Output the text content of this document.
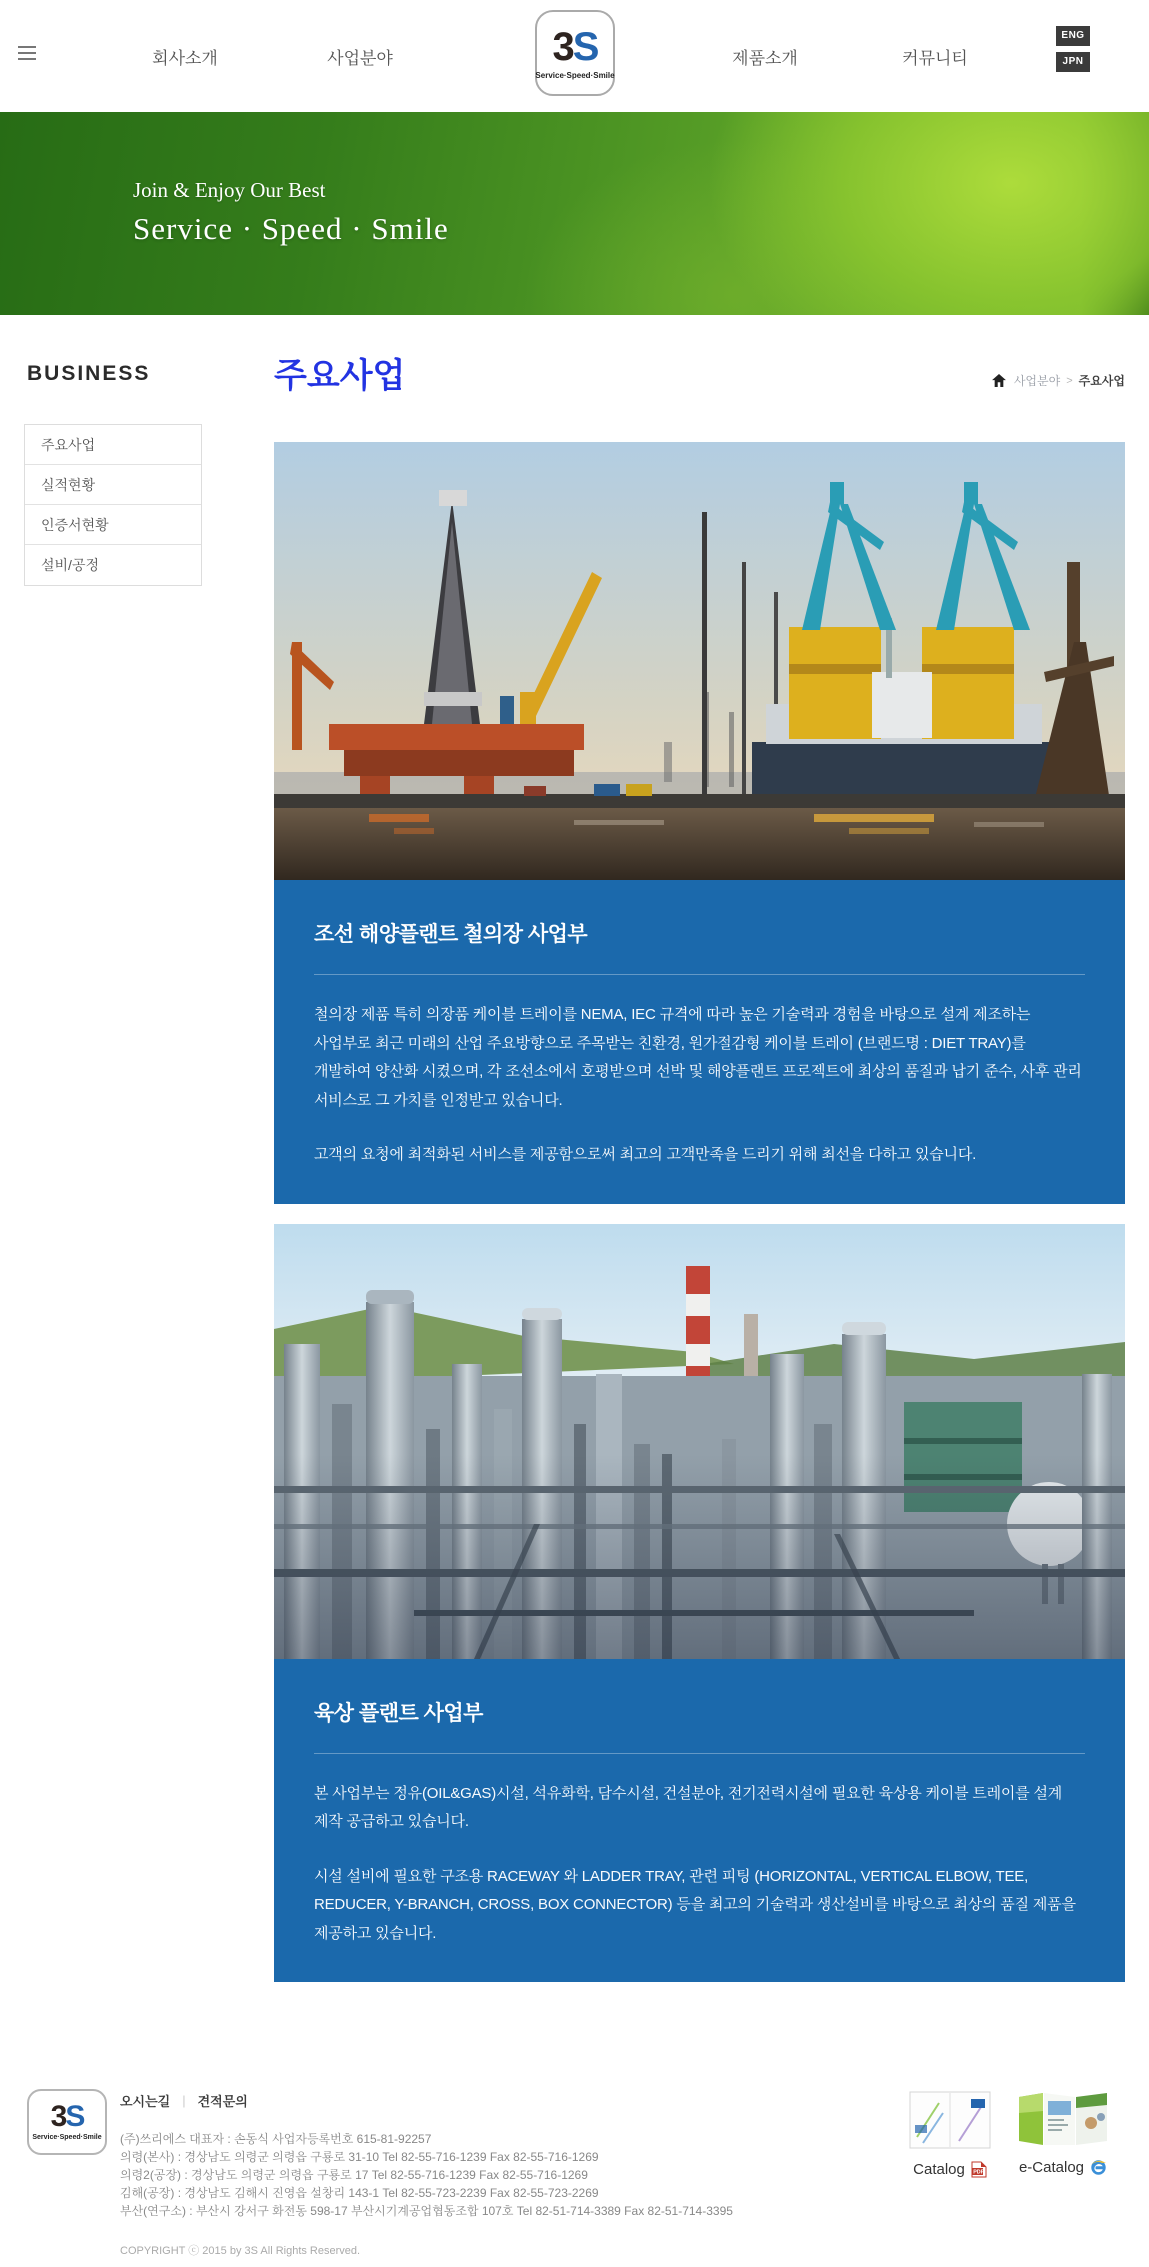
회사소개	사업분야	3S
Service·Speed·Smile
제품소개	커뮤니티
ENG
JPN
Join & Enjoy Our Best
Service · Speed · Smile
BUSINESS
주요사업
실적현황
인증서현황
설비/공정
주요사업	사업분야 > 주요사업
조선 해양플랜트 철의장 사업부

철의장 제품 특히 의장품 케이블 트레이를 NEMA, IEC 규격에 따라 높은 기술력과 경험을 바탕으로 설계 제조하는 사업부로 최근 미래의 산업 주요방향으로 주목받는 친환경, 원가절감형 케이블 트레이 (브랜드명 : DIET TRAY)를 개발하여 양산화 시켰으며, 각 조선소에서 호평받으며 선박 및 해양플랜트 프로젝트에 최상의 품질과 납기 준수, 사후 관리 서비스로 그 가치를 인정받고 있습니다.

고객의 요청에 최적화된 서비스를 제공함으로써 최고의 고객만족을 드리기 위해 최선을 다하고 있습니다.

육상 플랜트 사업부

본 사업부는 정유(OIL&GAS)시설, 석유화학, 담수시설, 건설분야, 전기전력시설에 필요한 육상용 케이블 트레이를 설계 제작 공급하고 있습니다.

시설 설비에 필요한 구조용 RACEWAY 와 LADDER TRAY, 관련 피팅 (HORIZONTAL, VERTICAL ELBOW, TEE, REDUCER, Y-BRANCH, CROSS, BOX CONNECTOR) 등을 최고의 기술력과 생산설비를 바탕으로 최상의 품질 제품을 제공하고 있습니다.

3S
Service·Speed·Smile
오시는길 | 견적문의
(주)쓰리에스 대표자 : 손동식 사업자등록번호 615-81-92257
의령(본사) : 경상남도 의령군 의령읍 구룡로 31-10 Tel 82-55-716-1239 Fax 82-55-716-1269
의령2(공장) : 경상남도 의령군 의령읍 구룡로 17 Tel 82-55-716-1239 Fax 82-55-716-1269
김해(공장) : 경상남도 김해시 진영읍 설창리 143-1 Tel 82-55-723-2239 Fax 82-55-723-2269
부산(연구소) : 부산시 강서구 화전동 598-17 부산시기계공업협동조합 107호 Tel 82-51-714-3389 Fax 82-51-714-3395
COPYRIGHT ⓒ 2015 by 3S All Rights Reserved.
Catalog PDF e-Catalog
